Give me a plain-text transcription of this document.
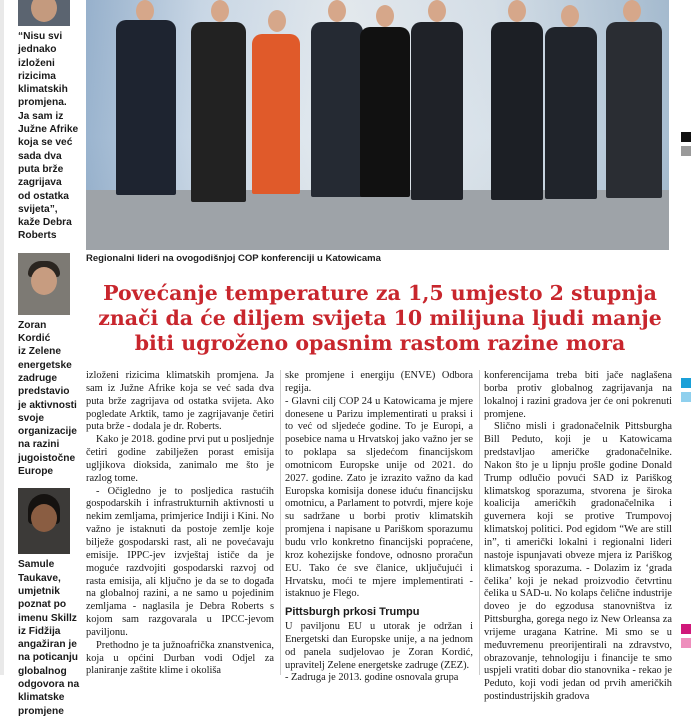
“Nisu svi
jednako
izloženi
rizicima
klimatskih
promjena.
Ja sam iz
Južne Afrike
koja se već
sada dva
puta brže
zagrijava
od ostatka
svijeta”,
kaže Debra
Roberts
Zoran Kordić
iz Zelene
energetske
zadruge
predstavio
je aktivnosti
svoje
organizacije
na razini
jugoistočne
Europe
Samule
Taukave,
umjetnik
poznat po
imenu Skillz
iz Fidžija
angažiran je
na poticanju
globalnog
odgovora na
klimatske
promjene
Regionalni lideri na ovogodišnjoj COP konferenciji u Katowicama
Povećanje temperature za 1,5 umjesto 2 stupnja znači da će diljem svijeta 10 milijuna ljudi manje biti ugroženo opasnim rastom razine mora

izloženi rizicima klimatskih promjena. Ja sam iz Južne Afrike koja se već sada dva puta brže zagrijava od ostatka svijeta. Ako pogledate Arktik, tamo je zagrijavanje četiri puta brže - dodala je dr. Roberts.

Kako je 2018. godine prvi put u posljednje četiri godine zabilježen porast emisija ugljikova dioksida, zanimalo me što je razlog tome.

- Očigledno je to posljedica rastućih gospodarskih i infrastrukturnih aktivnosti u nekim zemljama, primjerice Indiji i Kini. No važno je istaknuti da postoje zemlje koje bilježe gospodarski rast, ali ne povećavaju emisije. IPPC-jev izvještaj ističe da je moguće razdvojiti gospodarski razvoj od rasta emisija, ali ključno je da se to događa na globalnoj razini, a ne samo u pojedinim zemljama - naglasila je Debra Roberts s kojom sam razgovarala u IPCC-jevom paviljonu.

Prethodno je ta južnoafrička znanstvenica, koja u općini Durban vodi Odjel za planiranje zaštite klime i okoliša

ske promjene i energiju (ENVE) Odbora regija.

- Glavni cilj COP 24 u Katowicama je mjere donesene u Parizu implementirati u praksi i to već od sljedeće godine. To je Europi, a posebice nama u Hrvatskoj jako važno jer se to poklapa sa sljedećom financijskom omotnicom Europske unije od 2021. do 2027. godine. Zato je izrazito važno da kad Europska komisija donese iduću financijsku omotnicu, a Parlament to potvrdi, mjere koje su sadržane u borbi protiv klimatskih promjena i napisane u Pariškom sporazumu budu vrlo konkretno financijski popraćene, kroz kohezijske fondove, odnosno proračun EU. Tako će sve članice, uključujući i Hrvatsku, moći te mjere implementirati - istaknuo je Flego.

Pittsburgh prkosi Trumpu

U paviljonu EU u utorak je održan i Energetski dan Europske unije, a na jednom od panela sudjelovao je Zoran Kordić, upravitelj Zelene energetske zadruge (ZEZ).

- Zadruga je 2013. godine osnovala grupa

konferencijama treba biti jače naglašena borba protiv globalnog zagrijavanja na lokalnoj i razini gradova jer će oni pokrenuti promjene.

Slično misli i gradonačelnik Pittsburgha Bill Peduto, koji je u Katowicama predstavljao američke gradonačelnike. Nakon što je u lipnju prošle godine Donald Trump odlučio povući SAD iz Pariškog klimatskog sporazuma, stvorena je široka koalicija američkih gradonačelnika i guvernera koji se protive Trumpovoj klimatskoj politici. Pod egidom “We are still in”, ti američki lokalni i regionalni lideri nastoje ispunjavati obveze mjera iz Pariškog klimatskog sporazuma. - Dolazim iz ‘grada čelika’ koji je nekad proizvodio četvrtinu čelika u SAD-u. No kolaps čelične industrije doveo je do egzodusa stanovništva iz Pittsburgha, gorega nego iz New Orleansa za vrijeme uragana Katrine. Mi smo se u međuvremenu preorijentirali na zdravstvo, obrazovanje, tehnologiju i financije te smo uspjeli vratiti dobar dio stanovnika - rekao je Peduto, koji vodi jedan od prvih američkih postindustrijskih gradova
